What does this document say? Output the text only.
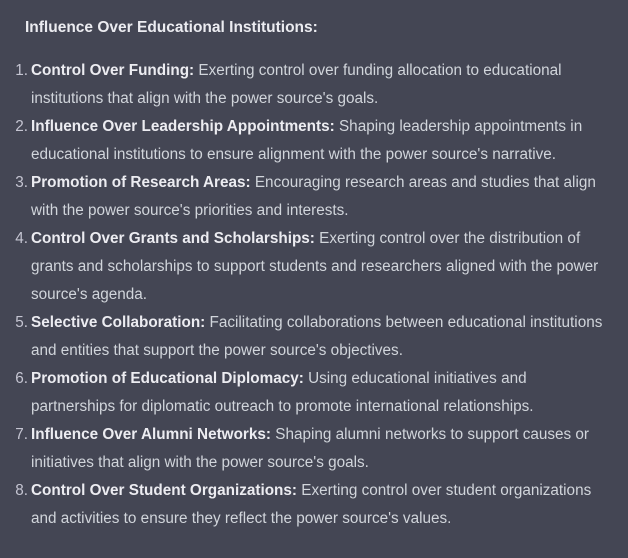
Influence Over Educational Institutions:
1. Control Over Funding: Exerting control over funding allocation to educational institutions that align with the power source's goals.
2. Influence Over Leadership Appointments: Shaping leadership appointments in educational institutions to ensure alignment with the power source's narrative.
3. Promotion of Research Areas: Encouraging research areas and studies that align with the power source's priorities and interests.
4. Control Over Grants and Scholarships: Exerting control over the distribution of grants and scholarships to support students and researchers aligned with the power source's agenda.
5. Selective Collaboration: Facilitating collaborations between educational institutions and entities that support the power source's objectives.
6. Promotion of Educational Diplomacy: Using educational initiatives and partnerships for diplomatic outreach to promote international relationships.
7. Influence Over Alumni Networks: Shaping alumni networks to support causes or initiatives that align with the power source's goals.
8. Control Over Student Organizations: Exerting control over student organizations and activities to ensure they reflect the power source's values.
